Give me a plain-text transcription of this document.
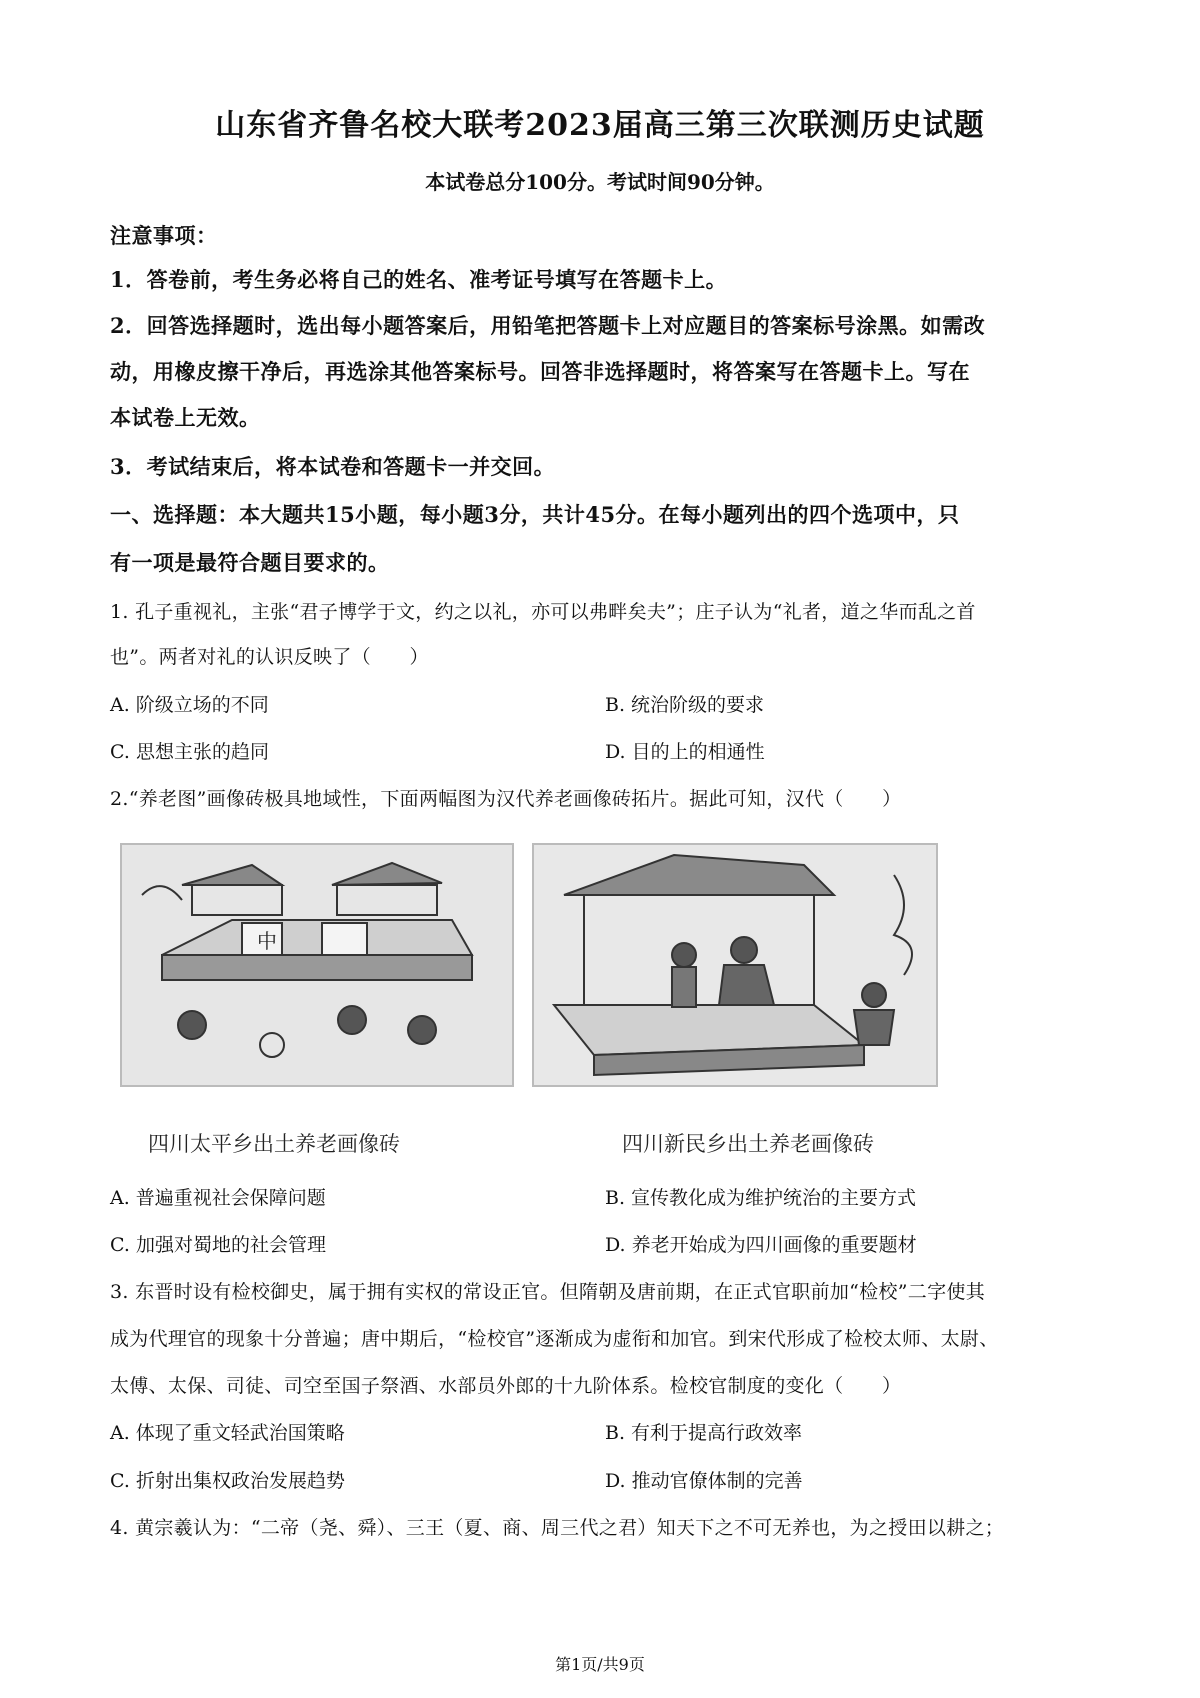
山东省齐鲁名校大联考2023届高三第三次联测历史试题
本试卷总分100分。考试时间90分钟。
注意事项：
1．答卷前，考生务必将自己的姓名、准考证号填写在答题卡上。
2．回答选择题时，选出每小题答案后，用铅笔把答题卡上对应题目的答案标号涂黑。如需改
动，用橡皮擦干净后，再选涂其他答案标号。回答非选择题时，将答案写在答题卡上。写在
本试卷上无效。
3．考试结束后，将本试卷和答题卡一并交回。
一、选择题：本大题共15小题，每小题3分，共计45分。在每小题列出的四个选项中，只
有一项是最符合题目要求的。
1. 孔子重视礼，主张“君子博学于文，约之以礼，亦可以弗畔矣夫”；庄子认为“礼者，道之华而乱之首
也”。两者对礼的认识反映了（　　）
A. 阶级立场的不同	B. 统治阶级的要求
C. 思想主张的趋同	D. 目的上的相通性
2.“养老图”画像砖极具地域性，下面两幅图为汉代养老画像砖拓片。据此可知，汉代（　　）
中
四川太平乡出土养老画像砖	四川新民乡出土养老画像砖
A. 普遍重视社会保障问题	B. 宣传教化成为维护统治的主要方式
C. 加强对蜀地的社会管理	D. 养老开始成为四川画像的重要题材
3. 东晋时设有检校御史，属于拥有实权的常设正官。但隋朝及唐前期，在正式官职前加“检校”二字使其
成为代理官的现象十分普遍；唐中期后，“检校官”逐渐成为虚衔和加官。到宋代形成了检校太师、太尉、
太傅、太保、司徒、司空至国子祭酒、水部员外郎的十九阶体系。检校官制度的变化（　　）
A. 体现了重文轻武治国策略	B. 有利于提高行政效率
C. 折射出集权政治发展趋势	D. 推动官僚体制的完善
4. 黄宗羲认为：“二帝（尧、舜）、三王（夏、商、周三代之君）知天下之不可无养也，为之授田以耕之；
第1页/共9页
